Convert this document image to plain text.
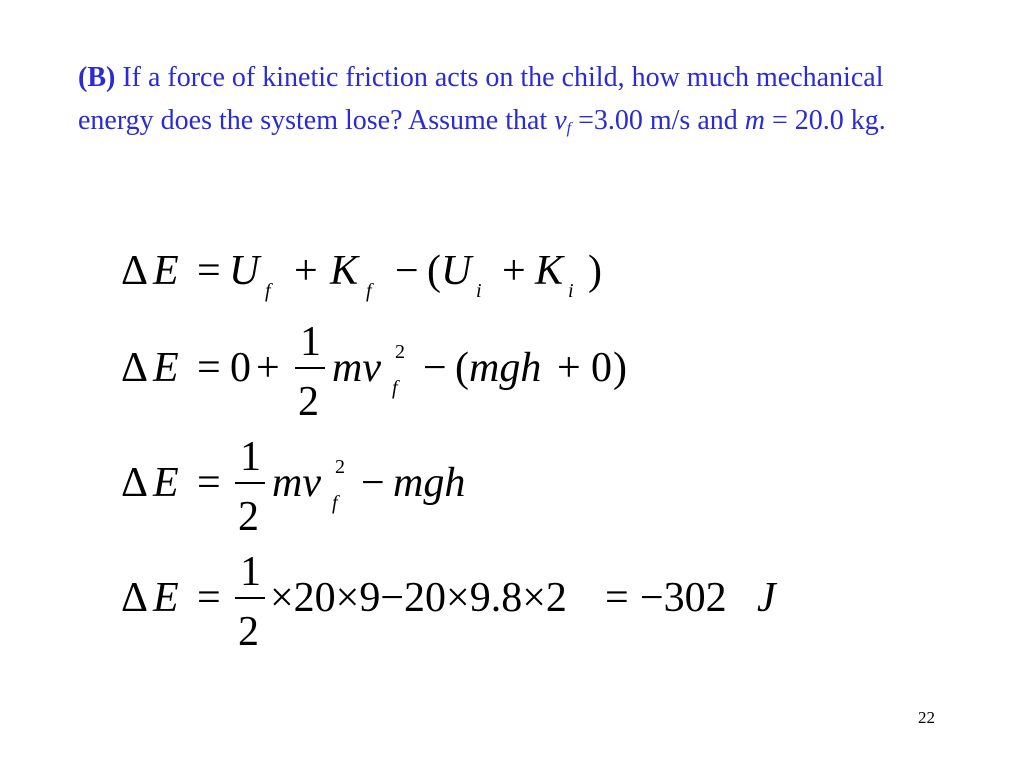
(B) If a force of kinetic friction acts on the child, how much mechanical energy does the system lose? Assume that $v_f =3.00$ m/s and m = 20.0 kg.
Δ E = U f + K f − ( U i + K i )
Δ E = 0 +
1
2
mv 2
f − ( mgh + 0 )
Δ E =
1
2
mv 2
f − mgh
Δ E =
1
2
×20×9−20×9.8×2 = −302 J
22
